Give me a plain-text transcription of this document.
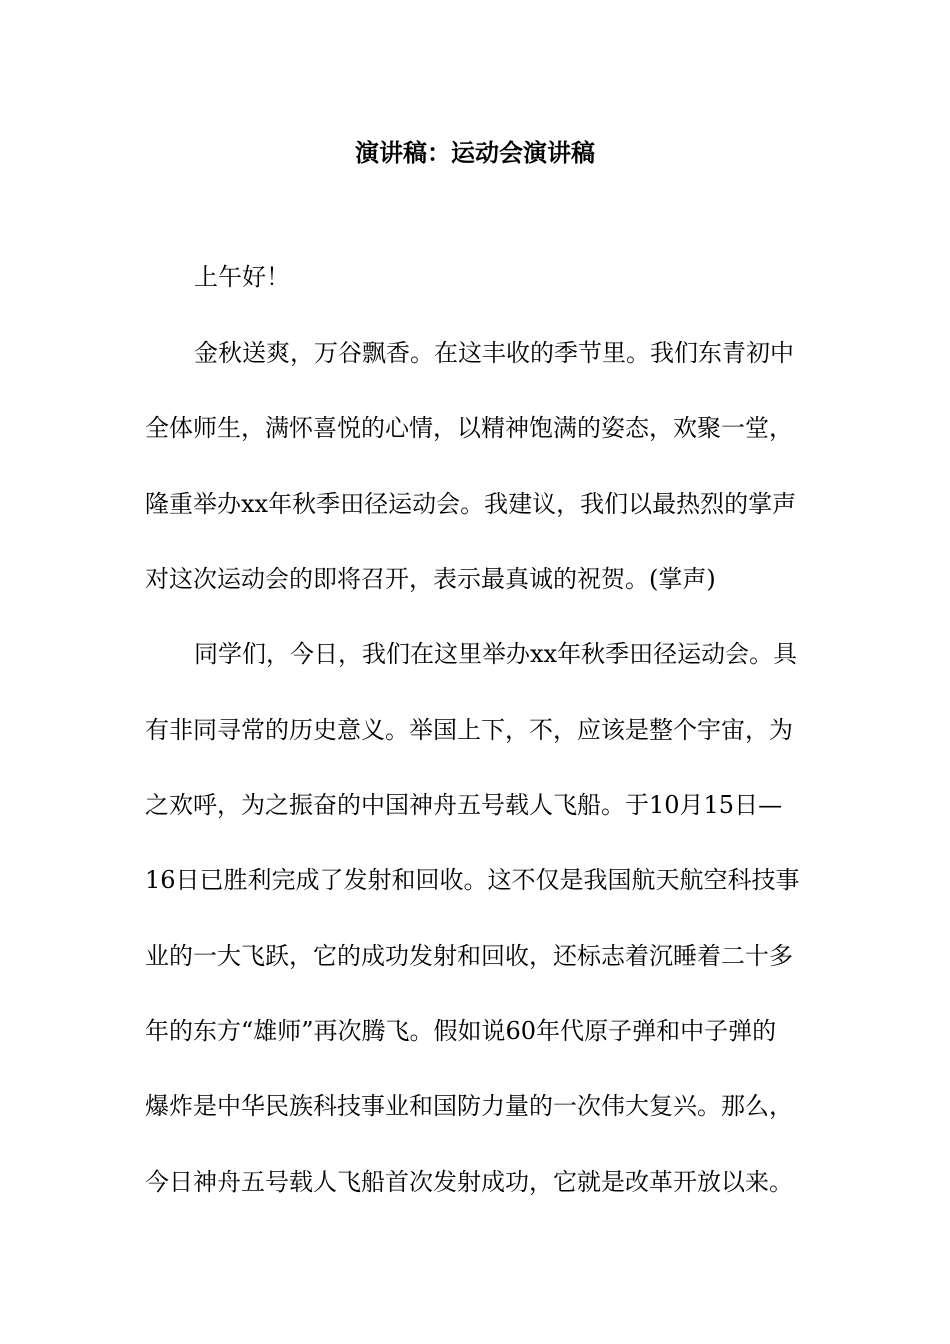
演讲稿：运动会演讲稿
上午好！
金秋送爽，万谷飘香。在这丰收的季节里。我们东青初中
全体师生，满怀喜悦的心情，以精神饱满的姿态，欢聚一堂，
隆重举办xx年秋季田径运动会。我建议，我们以最热烈的掌声
对这次运动会的即将召开，表示最真诚的祝贺。(掌声)
同学们，今日，我们在这里举办xx年秋季田径运动会。具
有非同寻常的历史意义。举国上下，不，应该是整个宇宙，为
之欢呼，为之振奋的中国神舟五号载人飞船。于10月15日—
16日已胜利完成了发射和回收。这不仅是我国航天航空科技事
业的一大飞跃，它的成功发射和回收，还标志着沉睡着二十多
年的东方“雄师”再次腾飞。假如说60年代原子弹和中子弹的
爆炸是中华民族科技事业和国防力量的一次伟大复兴。那么，
今日神舟五号载人飞船首次发射成功，它就是改革开放以来。
